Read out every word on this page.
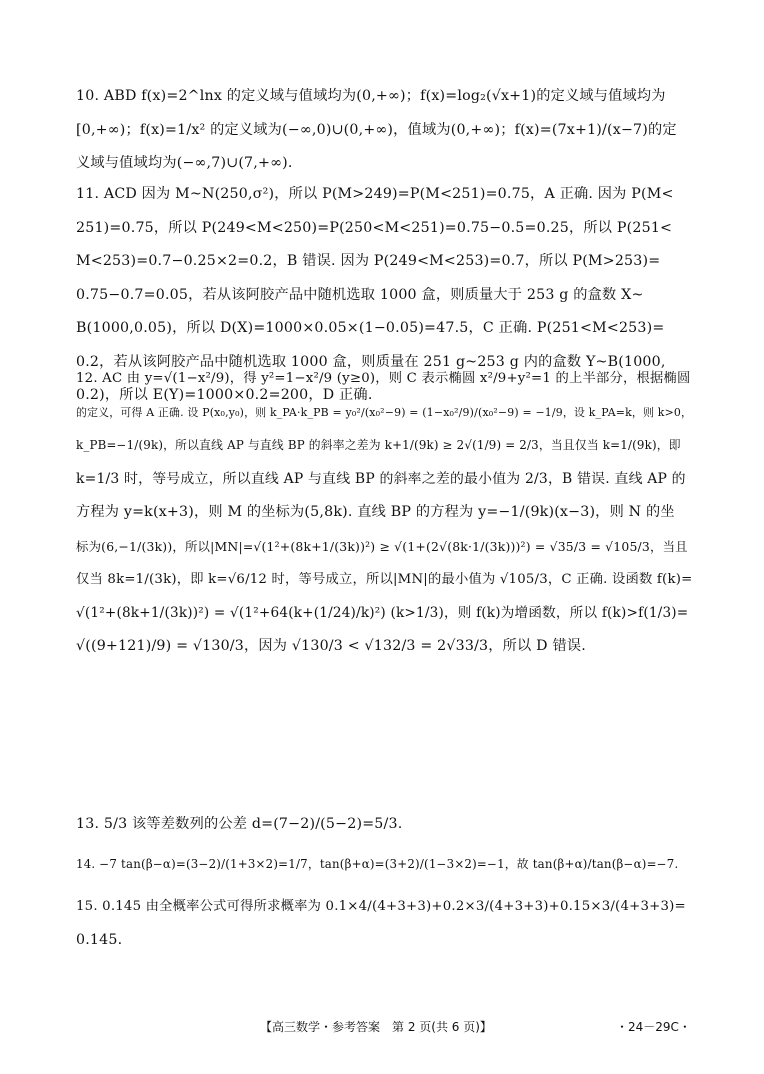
10. ABD f(x)=2^lnx 的定义域与值域均为(0,+∞)；f(x)=log₂(√x+1)的定义域与值域均为
[0,+∞)；f(x)=1/x² 的定义域为(−∞,0)∪(0,+∞)，值域为(0,+∞)；f(x)=(7x+1)/(x−7)的定
义域与值域均为(−∞,7)∪(7,+∞).
11. ACD 因为 M~N(250,σ²)，所以 P(M>249)=P(M<251)=0.75，A 正确. 因为 P(M<
251)=0.75，所以 P(249<M<250)=P(250<M<251)=0.75−0.5=0.25，所以 P(251<
M<253)=0.7−0.25×2=0.2，B 错误. 因为 P(249<M<253)=0.7，所以 P(M>253)=
0.75−0.7=0.05，若从该阿胶产品中随机选取 1000 盒，则质量大于 253 g 的盒数 X~
B(1000,0.05)，所以 D(X)=1000×0.05×(1−0.05)=47.5，C 正确. P(251<M<253)=
0.2，若从该阿胶产品中随机选取 1000 盒，则质量在 251 g~253 g 内的盒数 Y~B(1000,
0.2)，所以 E(Y)=1000×0.2=200，D 正确.
12. AC 由 y=√(1−x²/9)，得 y²=1−x²/9 (y≥0)，则 C 表示椭圆 x²/9+y²=1 的上半部分，根据椭圆
的定义，可得 A 正确. 设 P(x₀,y₀)，则 k_PA·k_PB = y₀²/(x₀²−9) = (1−x₀²/9)/(x₀²−9) = −1/9，设 k_PA=k，则 k>0，
k_PB=−1/(9k)，所以直线 AP 与直线 BP 的斜率之差为 k+1/(9k) ≥ 2√(1/9) = 2/3，当且仅当 k=1/(9k)，即
k=1/3 时，等号成立，所以直线 AP 与直线 BP 的斜率之差的最小值为 2/3，B 错误. 直线 AP 的
方程为 y=k(x+3)，则 M 的坐标为(5,8k). 直线 BP 的方程为 y=−1/(9k)(x−3)，则 N 的坐
标为(6,−1/(3k))，所以|MN|=√(1²+(8k+1/(3k))²) ≥ √(1+(2√(8k·1/(3k)))²) = √35/3 = √105/3，当且
仅当 8k=1/(3k)，即 k=√6/12 时，等号成立，所以|MN|的最小值为 √105/3，C 正确. 设函数 f(k)=
√(1²+(8k+1/(3k))²) = √(1²+64(k+(1/24)/k)²) (k>1/3)，则 f(k)为增函数，所以 f(k)>f(1/3)=
√((9+121)/9) = √130/3，因为 √130/3 < √132/3 = 2√33/3，所以 D 错误.
13. 5/3 该等差数列的公差 d=(7−2)/(5−2)=5/3.
14. −7 tan(β−α)=(3−2)/(1+3×2)=1/7，tan(β+α)=(3+2)/(1−3×2)=−1，故 tan(β+α)/tan(β−α)=−7.
15. 0.145 由全概率公式可得所求概率为 0.1×4/(4+3+3)+0.2×3/(4+3+3)+0.15×3/(4+3+3)=
0.145.
【高三数学・参考答案　第 2 页(共 6 页)】	・24－29C・
